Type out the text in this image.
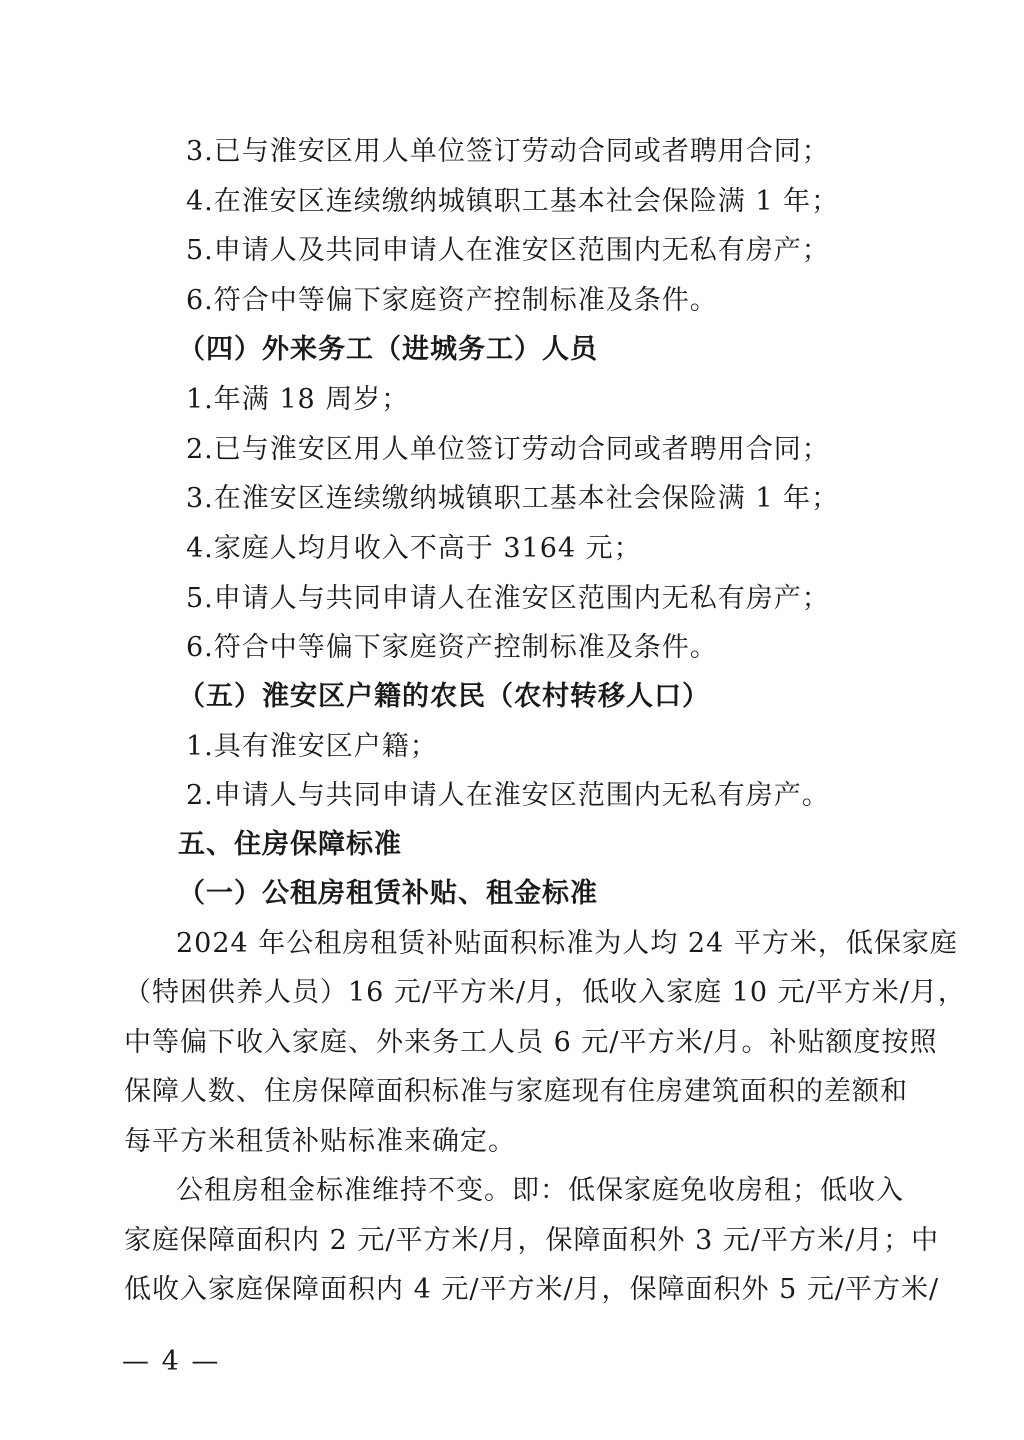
3.已与淮安区用人单位签订劳动合同或者聘用合同；
4.在淮安区连续缴纳城镇职工基本社会保险满 1 年；
5.申请人及共同申请人在淮安区范围内无私有房产；
6.符合中等偏下家庭资产控制标准及条件。
（四）外来务工（进城务工）人员
1.年满 18 周岁；
2.已与淮安区用人单位签订劳动合同或者聘用合同；
3.在淮安区连续缴纳城镇职工基本社会保险满 1 年；
4.家庭人均月收入不高于 3164 元；
5.申请人与共同申请人在淮安区范围内无私有房产；
6.符合中等偏下家庭资产控制标准及条件。
（五）淮安区户籍的农民（农村转移人口）
1.具有淮安区户籍；
2.申请人与共同申请人在淮安区范围内无私有房产。
五、住房保障标准
（一）公租房租赁补贴、租金标准
2024 年公租房租赁补贴面积标准为人均 24 平方米，低保家庭
（特困供养人员）16 元/平方米/月，低收入家庭 10 元/平方米/月，
中等偏下收入家庭、外来务工人员 6 元/平方米/月。补贴额度按照
保障人数、住房保障面积标准与家庭现有住房建筑面积的差额和
每平方米租赁补贴标准来确定。
公租房租金标准维持不变。即：低保家庭免收房租；低收入
家庭保障面积内 2 元/平方米/月，保障面积外 3 元/平方米/月；中
低收入家庭保障面积内 4 元/平方米/月，保障面积外 5 元/平方米/
— 4 —
